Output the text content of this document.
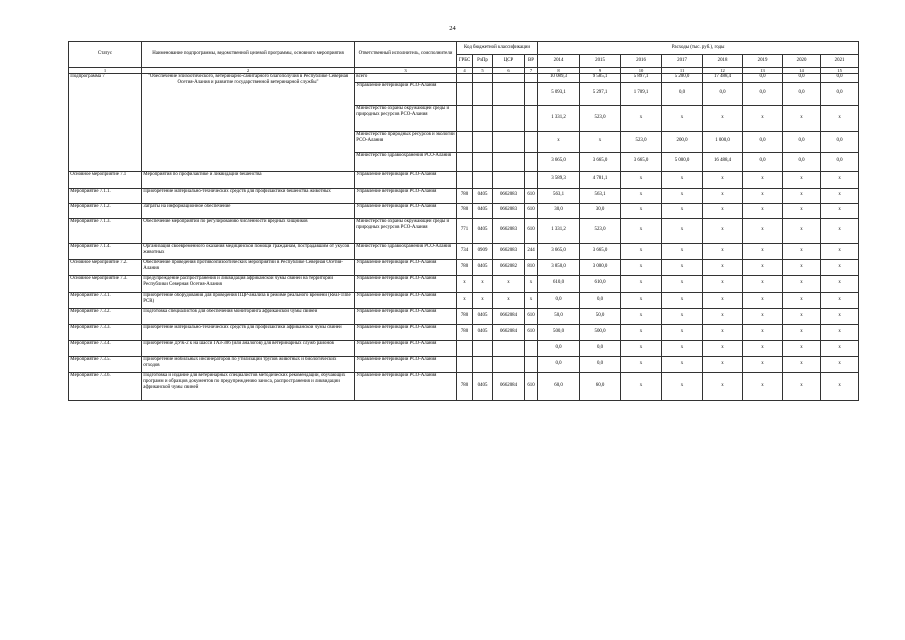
24
Статус	Наименование подпрограммы, ведомственной целевой программы, основного мероприятия	Ответственный исполнитель, соисполнители	Код бюджетной классификации				Расходы (тыс. руб.), годы							
			ГРБС	РзПр	ЦСР	ВР	2014	2015	2016	2017	2018	2019	2020	2021
1	2	3	4	5	6	7	8	9	10	11	12	13	14	15
Подпрограмма 7	"Обеспечение эпизоотического, ветеринарно-санитарного благополучия в Республике Северная Осетия-Алания и развитие государственной ветеринарной службы"	всего					10 089,3	9 585,1	5 897,1	5 200,0	17 488,4	0,0	0,0	0,0
		Управление ветеринарии РСО-Алания					5 093,1	5 297,1	1 709,1	0,0	0,0	0,0	0,0	0,0
		Министерство охраны окружающей среды и природных ресурсов РСО-Алания					1 331,2	523,0	х	х	х	х	х	х
		Министерство природных ресурсов и экологии РСО-Алания					х	х	523,0	200,0	1 000,0	0,0	0,0	0,0
		Министерство здравоохранения РСО-Алания					3 665,0	3 665,0	3 665,0	5 000,0	16 488,4	0,0	0,0	0,0
Основное мероприятие 7.1	Мероприятия по профилактике и ликвидации бешенства	Управление ветеринарии РСО-Алания					3 589,3	4 781,1	х	х	х	х	х	х
Мероприятие 7.1.1.	Приобретение материально-технических средств для профилактики бешенства животных	Управление ветеринарии РСО-Алания	780	0405	0662083	610	563,1	563,1	х	х	х	х	х	х
Мероприятие 7.1.2.	Затраты на информационное обеспечение	Управление ветеринарии РСО-Алания	780	0405	0662083	610	30,0	30,0	х	х	х	х	х	х
Мероприятие 7.1.3.	Обеспечение мероприятий по регулированию численности вредных хищников	Министерство охраны окружающей среды и природных ресурсов РСО-Алания	771	0405	0662083	610	1 331,2	523,0	х	х	х	х	х	х
Мероприятие 7.1.4.	Организация своевременного оказания медицинской помощи гражданам, пострадавшим от укусов животных	Министерство здравоохранения РСО-Алания	734	0909	0662083	244	3 665,0	3 665,0	х	х	х	х	х	х
Основное мероприятие 7.2.	Обеспечение проведения противоэпизоотических мероприятий в Республике Северная Осетия-Алания	Управление ветеринарии РСО-Алания	780	0405	0662082	810	3 850,0	3 000,0	х	х	х	х	х	х
Основное мероприятие 7.3.	Предупреждение распространения и ликвидация африканской чумы свиней на территории Республики Северная Осетия-Алания	Управление ветеринарии РСО-Алания	х	х	х	х	610,0	610,0	х	х	х	х	х	х
Мероприятие 7.3.1.	Приобретение оборудования для проведения ПЦР-анализа в режиме реального времени (Real-Time PCR)	Управление ветеринарии РСО-Алания	х	х	х	х	0,0	0,0	х	х	х	х	х	х
Мероприятие 7.3.2.	Подготовка специалистов для обеспечения мониторинга африканской чумы свиней	Управление ветеринарии РСО-Алания	780	0405	0662084	610	50,0	50,0	х	х	х	х	х	х
Мероприятие 7.3.3.	Приобретение материально-технических средств для профилактики африканской чумы свиней	Управление ветеринарии РСО-Алания	780	0405	0662084	610	500,0	500,0	х	х	х	х	х	х
Мероприятие 7.3.4.	Приобретение ДУК-2 к на шасси ГАЗ-306 (или аналогов) для ветеринарных служб районов	Управление ветеринарии РСО-Алания					0,0	0,0	х	х	х	х	х	х
Мероприятие 7.3.5.	Приобретение мобильных инсинераторов по утилизации трупов животных и биологических отходов	Управление ветеринарии РСО-Алания					0,0	0,0	х	х	х	х	х	х
Мероприятие 7.3.6.	Подготовка и издание для ветеринарных специалистов методических рекомендаций, обучающих программ и образцов документов по предупреждению заноса, распространения и ликвидации африканской чумы свиней	Управление ветеринарии РСО-Алания	780	0405	0662084	610	60,0	60,0	х	х	х	х	х	х
